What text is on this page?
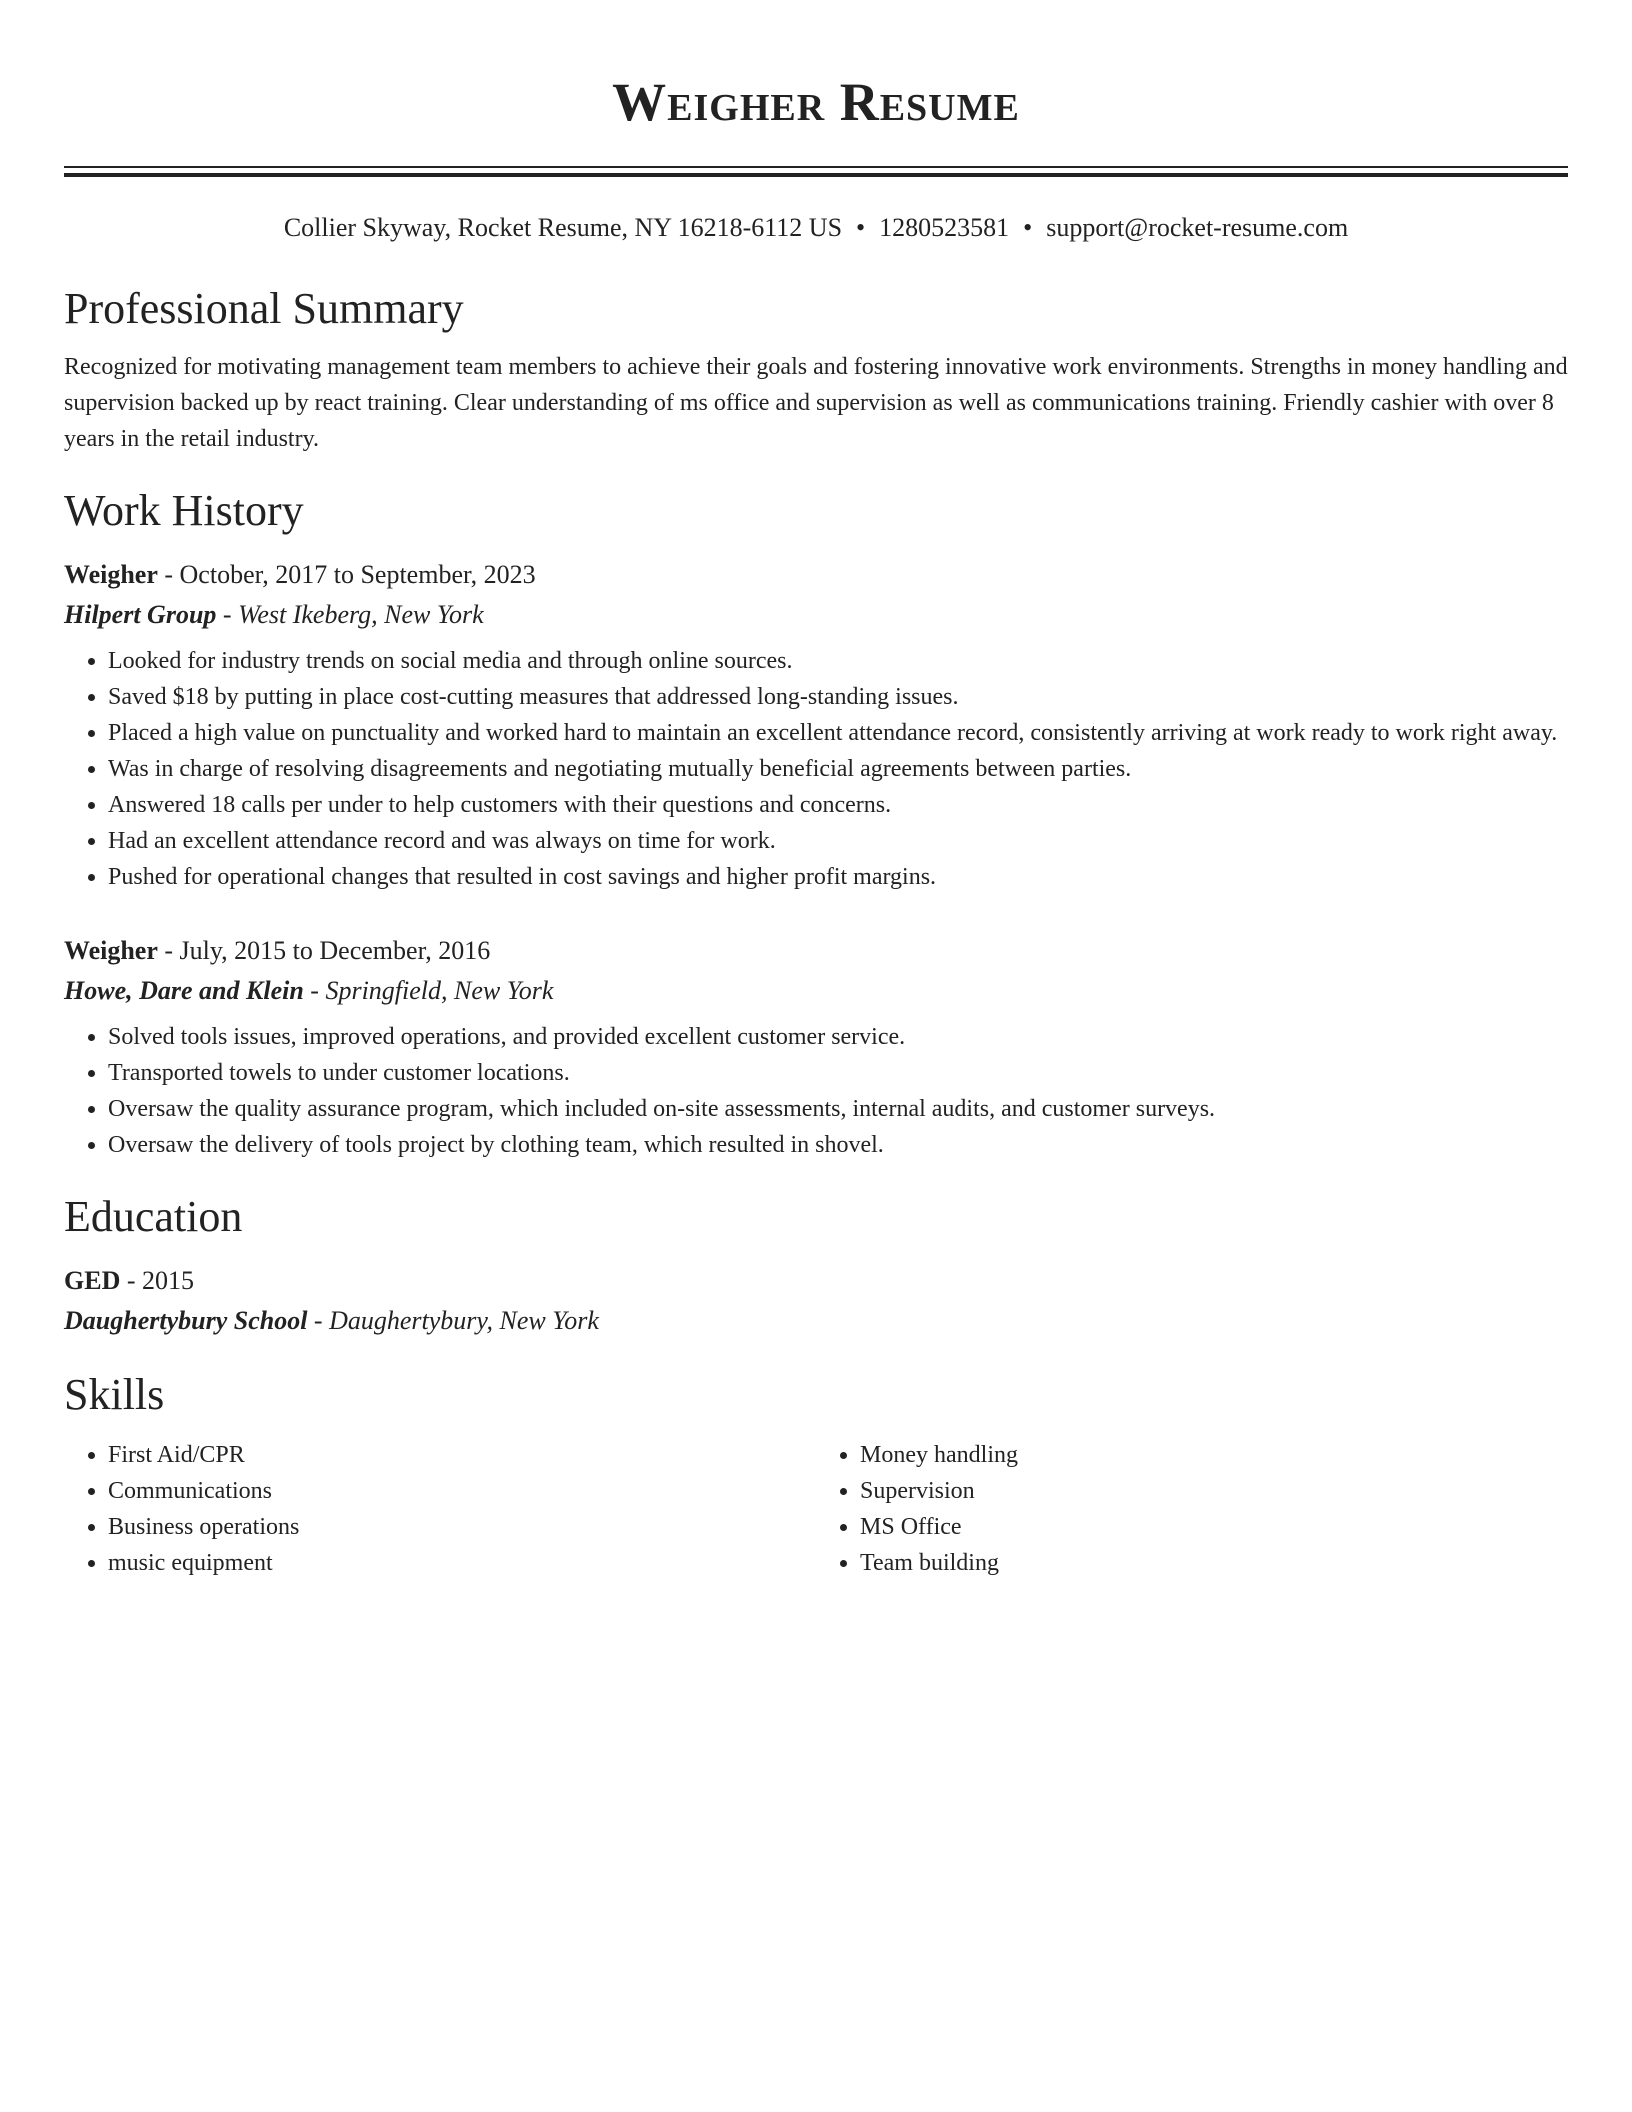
Weigher Resume
Collier Skyway, Rocket Resume, NY 16218-6112 US • 1280523581 • support@rocket-resume.com
Professional Summary
Recognized for motivating management team members to achieve their goals and fostering innovative work environments. Strengths in money handling and supervision backed up by react training. Clear understanding of ms office and supervision as well as communications training. Friendly cashier with over 8 years in the retail industry.
Work History
Weigher - October, 2017 to September, 2023
Hilpert Group - West Ikeberg, New York
• Looked for industry trends on social media and through online sources.
• Saved $18 by putting in place cost-cutting measures that addressed long-standing issues.
• Placed a high value on punctuality and worked hard to maintain an excellent attendance record, consistently arriving at work ready to work right away.
• Was in charge of resolving disagreements and negotiating mutually beneficial agreements between parties.
• Answered 18 calls per under to help customers with their questions and concerns.
• Had an excellent attendance record and was always on time for work.
• Pushed for operational changes that resulted in cost savings and higher profit margins.
Weigher - July, 2015 to December, 2016
Howe, Dare and Klein - Springfield, New York
• Solved tools issues, improved operations, and provided excellent customer service.
• Transported towels to under customer locations.
• Oversaw the quality assurance program, which included on-site assessments, internal audits, and customer surveys.
• Oversaw the delivery of tools project by clothing team, which resulted in shovel.
Education
GED - 2015
Daughertybury School - Daughertybury, New York
Skills
• First Aid/CPR
• Communications
• Business operations
• music equipment
• Money handling
• Supervision
• MS Office
• Team building
